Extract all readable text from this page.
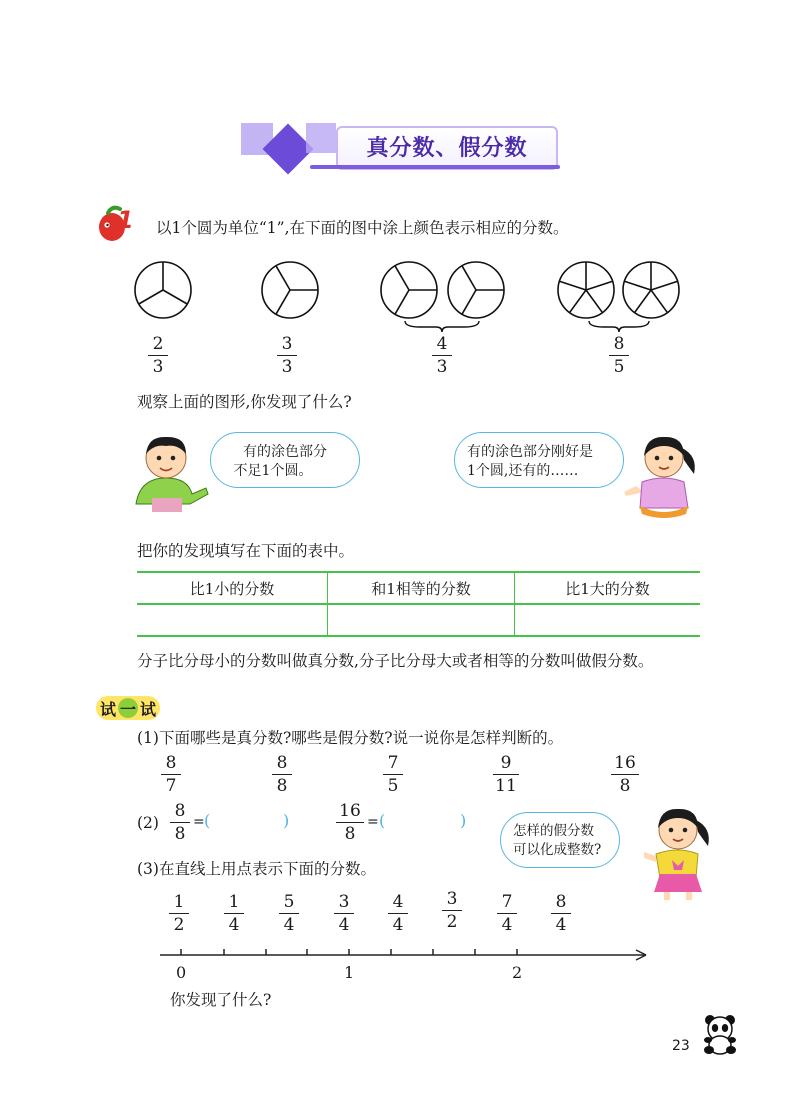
真分数、假分数
1 以1个圆为单位“1”,在下面的图中涂上颜色表示相应的分数。
2
3
3
3
4
3
8
5
观察上面的图形,你发现了什么?
有的涂色部分
不足1个圆。
有的涂色部分刚好是
1个圆,还有的……
把你的发现填写在下面的表中。
比1小的分数	和1相等的分数	比1大的分数

分子比分母小的分数叫做真分数,分子比分母大或者相等的分数叫做假分数。
试 一 试
(1)下面哪些是真分数?哪些是假分数?说一说你是怎样判断的。
8
7
8
8
7
5
9
11
16
8
(2)
8
8
= (	)	16
8
= (	)
怎样的假分数
可以化成整数?
(3)在直线上用点表示下面的分数。
1
2
1
4
5
4
3
4
4
4
3
2
7
4
8
4
0	1	2
你发现了什么?
23
